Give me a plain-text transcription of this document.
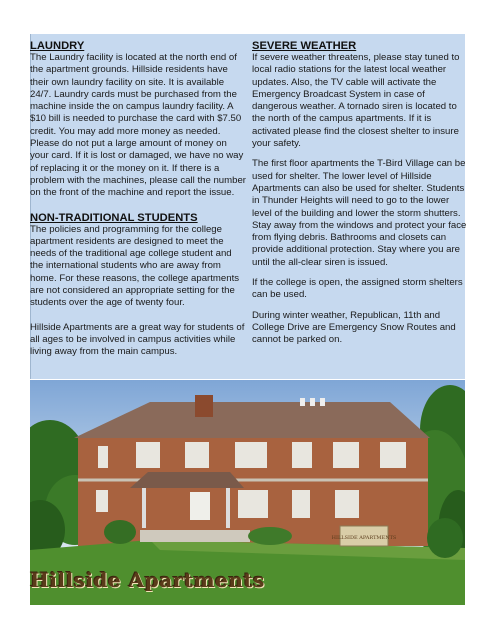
LAUNDRY

The Laundry facility is located at the north end of the apartment grounds. Hillside residents have their own laundry facility on site. It is available 24/7. Laundry cards must be purchased from the machine inside the on campus laundry facility. A $10 bill is needed to purchase the card with $7.50 credit. You may add more money as needed. Please do not put a large amount of money on your card. If it is lost or damaged, we have no way of replacing it or the money on it. If there is a problem with the machines, please call the number on the front of the machine and report the issue.

NON-TRADITIONAL STUDENTS

The policies and programming for the college apartment residents are designed to meet the needs of the traditional age college student and the international students who are away from home. For these reasons, the college apartments are not considered an appropriate setting for the students over the age of twenty four.

Hillside Apartments are a great way for students of all ages to be involved in campus activities while living away from the main campus.

SEVERE WEATHER

If severe weather threatens, please stay tuned to local radio stations for the latest local weather updates. Also, the TV cable will activate the Emergency Broadcast System in case of dangerous weather. A tornado siren is located to the north of the campus apartments. If it is activated please find the closest shelter to insure your safety.

The first floor apartments the T-Bird Village can be used for shelter. The lower level of Hillside Apartments can also be used for shelter. Students in Thunder Heights will need to go to the lower level of the building and lower the storm shutters. Stay away from the windows and protect your face from flying debris. Bathrooms and closets can provide additional protection. Stay where you are until the all-clear siren is issued.

If the college is open, the assigned storm shelters can be used.

During winter weather, Republican, 11th and College Drive are Emergency Snow Routes and cannot be parked on.

HILLSIDE APARTMENTS
Hillside Apartments
